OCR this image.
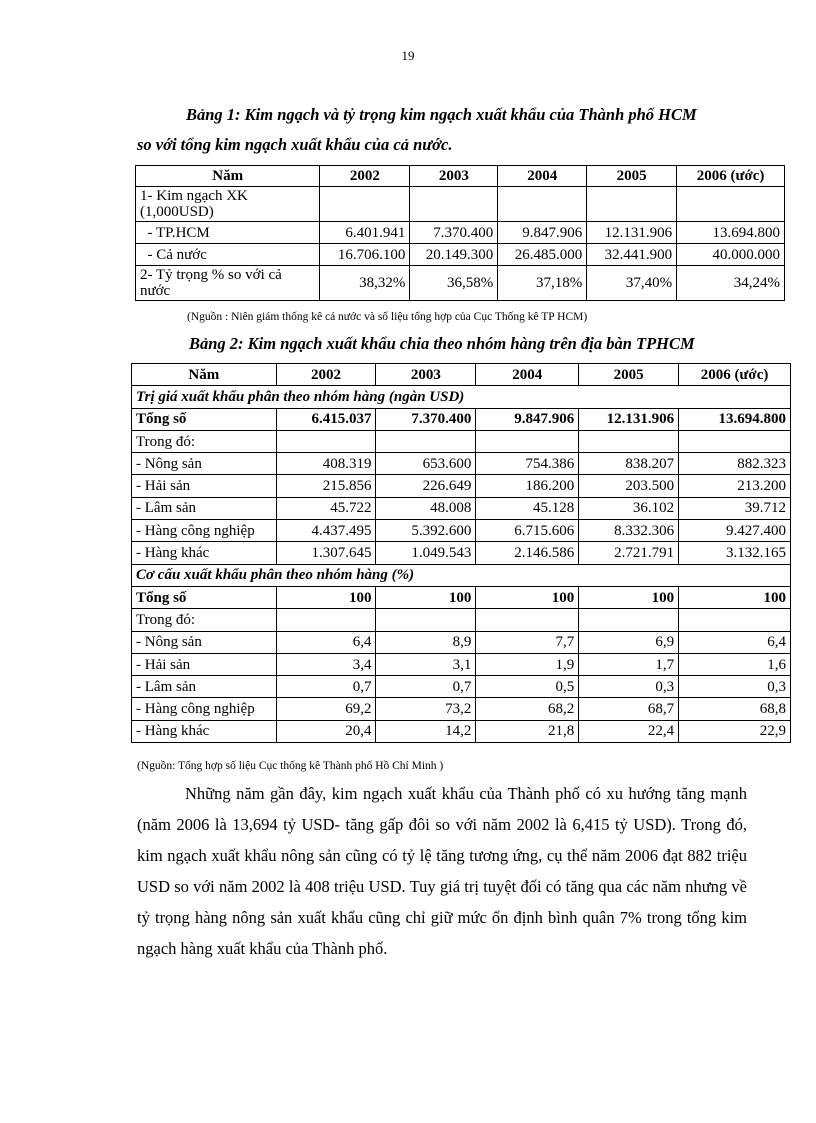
19
Bảng 1: Kim ngạch và tỷ trọng kim ngạch xuất khẩu của Thành phố HCM
so với tổng kim ngạch xuất khẩu của cả nước.
Năm	2002	2003	2004	2005	2006 (ước)
1- Kim ngạch XK
(1,000USD)					
- TP.HCM	6.401.941	7.370.400	9.847.906	12.131.906	13.694.800
- Cả nước	16.706.100	20.149.300	26.485.000	32.441.900	40.000.000
2- Tỷ trọng % so với cả
nước	38,32%	36,58%	37,18%	37,40%	34,24%
(Nguồn : Niên giám thống kê cả nước và số liệu tổng hợp của Cục Thống kê TP HCM)
Bảng 2: Kim ngạch xuất khẩu chia theo nhóm hàng trên địa bàn TPHCM
Năm	2002	2003	2004	2005	2006 (ước)
Trị giá xuất khẩu phân theo nhóm hàng (ngàn USD)					
Tổng số	6.415.037	7.370.400	9.847.906	12.131.906	13.694.800
Trong đó:					
- Nông sản	408.319	653.600	754.386	838.207	882.323
- Hải sản	215.856	226.649	186.200	203.500	213.200
- Lâm sản	45.722	48.008	45.128	36.102	39.712
- Hàng công nghiệp	4.437.495	5.392.600	6.715.606	8.332.306	9.427.400
- Hàng khác	1.307.645	1.049.543	2.146.586	2.721.791	3.132.165
Cơ cấu xuất khẩu phân theo nhóm hàng (%)					
Tổng số	100	100	100	100	100
Trong đó:					
- Nông sản	6,4	8,9	7,7	6,9	6,4
- Hải sản	3,4	3,1	1,9	1,7	1,6
- Lâm sản	0,7	0,7	0,5	0,3	0,3
- Hàng công nghiệp	69,2	73,2	68,2	68,7	68,8
- Hàng khác	20,4	14,2	21,8	22,4	22,9
(Nguồn: Tổng hợp số liệu Cục thống kê Thành phố Hồ Chí Minh )

Những năm gần đây, kim ngạch xuất khẩu của Thành phố có xu hướng tăng mạnh (năm 2006 là 13,694 tỷ USD- tăng gấp đôi so với năm 2002 là 6,415 tỷ USD). Trong đó, kim ngạch xuất khẩu nông sản cũng có tỷ lệ tăng tương ứng, cụ thể năm 2006 đạt 882 triệu USD so với năm 2002 là 408 triệu USD. Tuy giá trị tuyệt đối có tăng qua các năm nhưng về tỷ trọng hàng nông sản xuất khẩu cũng chỉ giữ mức ổn định bình quân 7% trong tổng kim ngạch hàng xuất khẩu của Thành phố.
